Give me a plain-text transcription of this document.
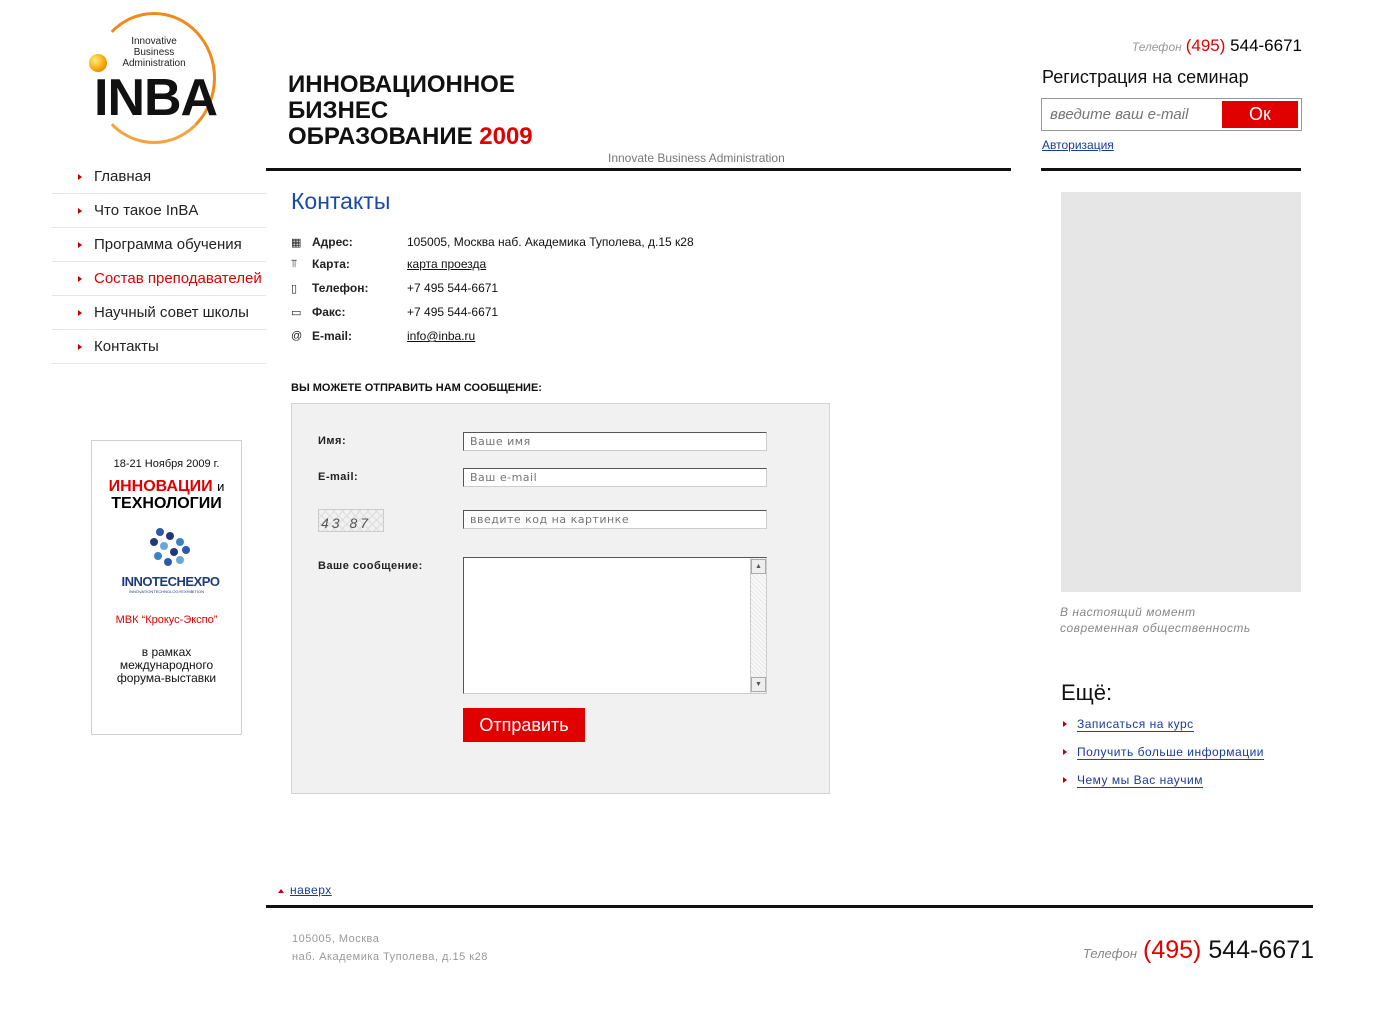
Innovative
Business
Administration
INBA	ИННОВАЦИОННОЕ
БИЗНЕС
ОБРАЗОВАНИЕ 2009
Innovate Business Administration
Телефон (495) 544-6671
Регистрация на семинар
введите ваш e-mail
Ок
Авторизация
Главная
Что такое InBA
Программа обучения
Состав преподавателей
Научный совет школы
Контакты
18-21 Ноября 2009 г.
ИННОВАЦИИ и
ТЕХНОЛОГИИ
INNOTECHEXPO
INNOVATIONTECHNOLOGYEXHIBITION
МВК “Крокус-Экспо”
в рамках
международного
форума-выставки
Контакты
▦ Адрес:	105005, Москва наб. Академика Туполева, д.15 к28
⫪	Карта:	карта проезда
▯	Телефон:	+7 495 544-6671
▭ Факс:	+7 495 544-6671
@ E-mail:	info@inba.ru
ВЫ МОЖЕТЕ ОТПРАВИТЬ НАМ СООБЩЕНИЕ:
Имя:
Ваше имя
E-mail:
Ваш e-mail
43 87
введите код на картинке
Ваше сообщение:	▲
▼
Отправить
В настоящий момент современная общественность
Ещё:
Записаться на курс
Получить больше информации
Чему мы Вас научим
наверх
105005, Москва
наб. Академика Туполева, д.15 к28	Телефон (495) 544-6671
